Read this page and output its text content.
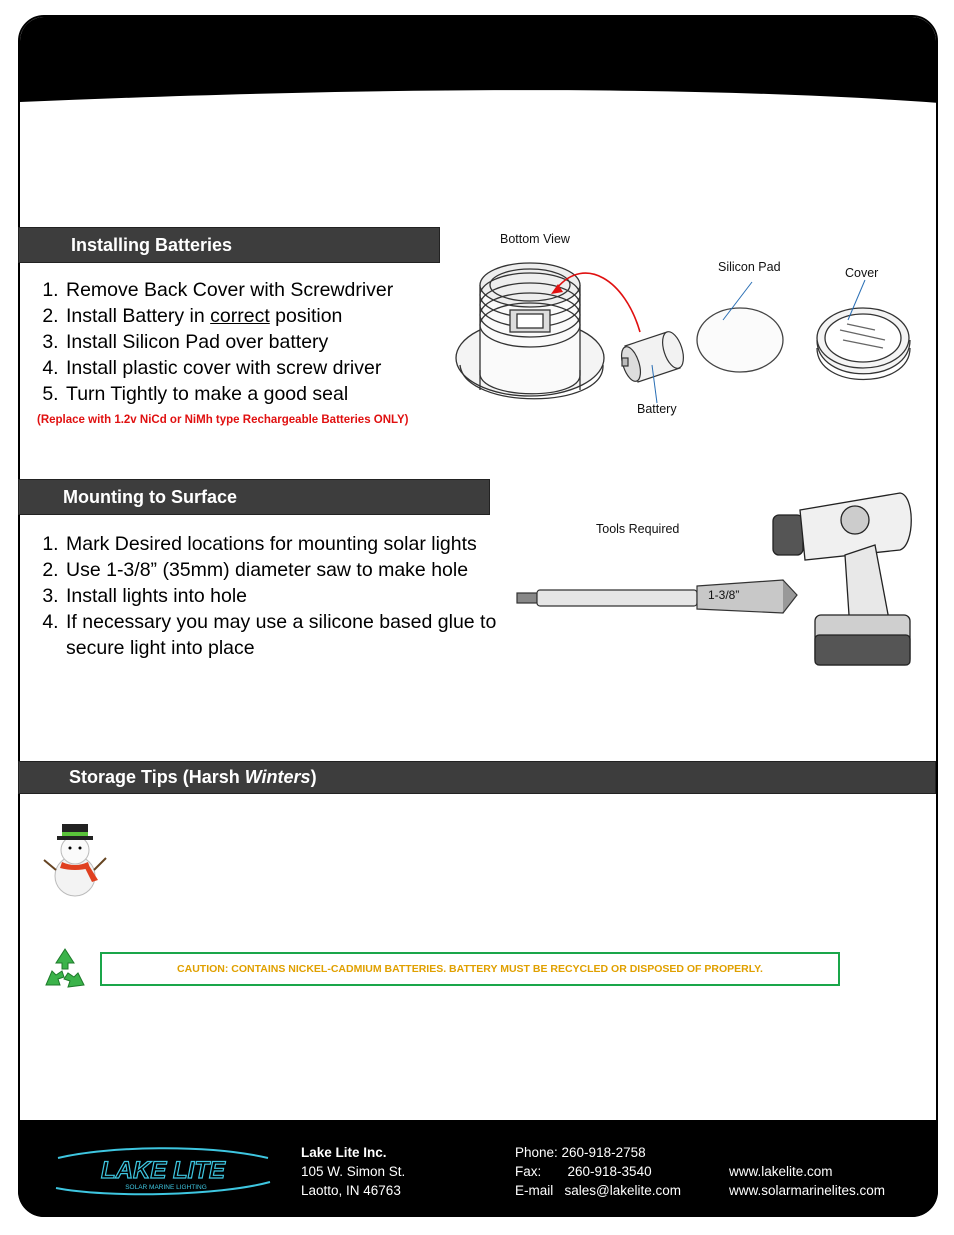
Installing Batteries
1. Remove Back Cover with Screwdriver
2. Install Battery in correct position
3. Install Silicon Pad over battery
4. Install plastic cover with screw driver
5. Turn Tightly to make a good seal
(Replace with 1.2v NiCd or NiMh type Rechargeable Batteries ONLY)
Bottom View
Silicon Pad	Cover
Battery
Mounting to Surface
1. Mark Desired locations for mounting solar lights
2. Use 1-3/8” (35mm) diameter saw to make hole
3. Install lights into hole
4. If necessary you may use a silicone based glue to secure light into place
Tools Required
1-3/8”
Storage Tips (Harsh Winters)
CAUTION: CONTAINS NICKEL-CADMIUM BATTERIES. BATTERY MUST BE RECYCLED OR DISPOSED OF PROPERLY.
LAKE LITE
SOLAR MARINE LIGHTING
Lake Lite Inc.
105 W. Simon St.
Laotto, IN 46763
Phone: 260-918-2758
Fax:       260-918-3540
E-mail   sales@lakelite.com
www.lakelite.com
www.solarmarinelites.com
